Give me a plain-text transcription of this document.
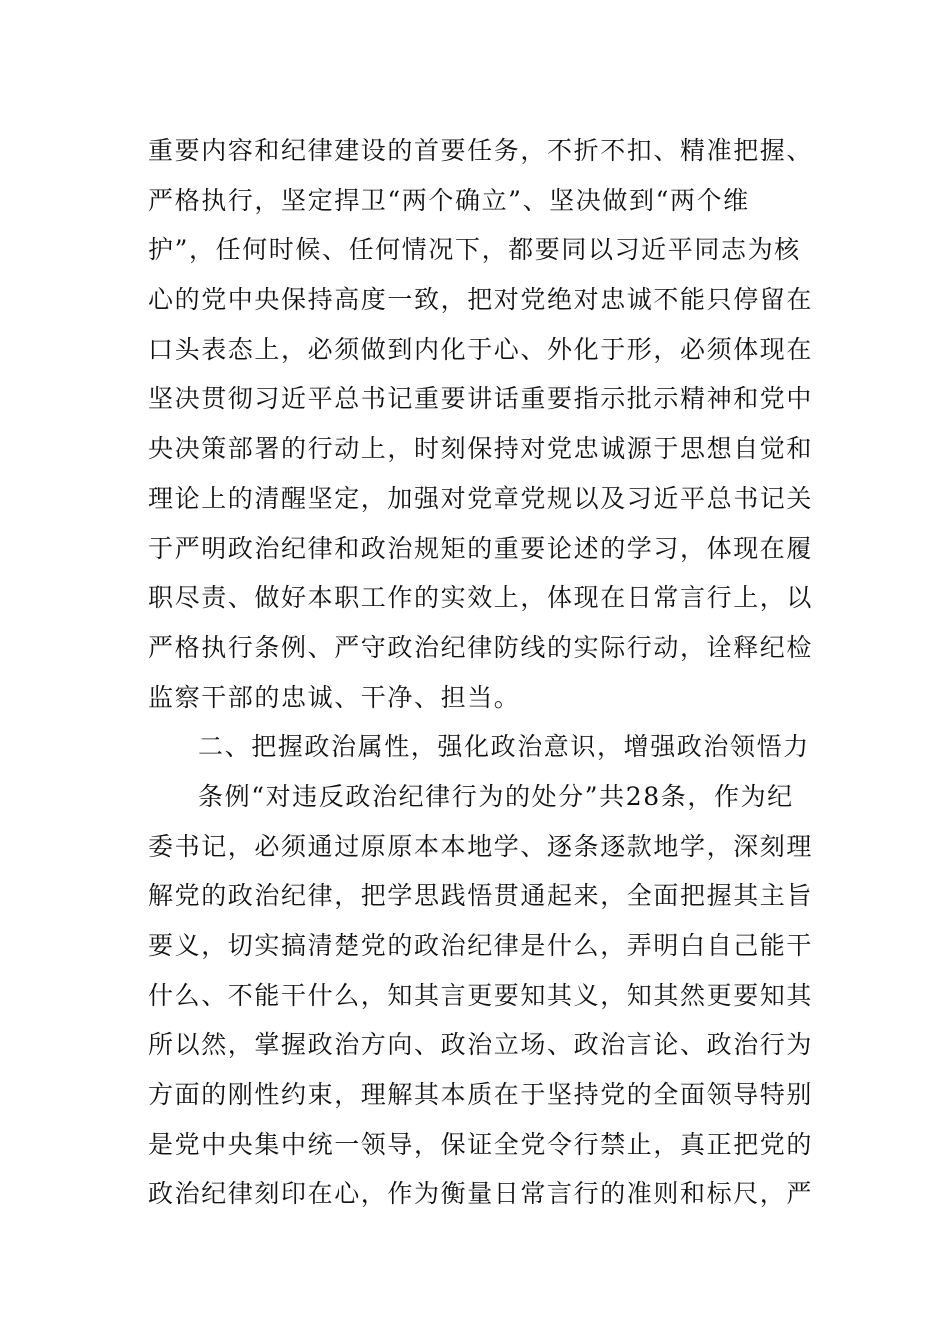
重要内容和纪律建设的首要任务，不折不扣、精准把握、
严格执行，坚定捍卫“两个确立”、坚决做到“两个维
护”，任何时候、任何情况下，都要同以习近平同志为核
心的党中央保持高度一致，把对党绝对忠诚不能只停留在
口头表态上，必须做到内化于心、外化于形，必须体现在
坚决贯彻习近平总书记重要讲话重要指示批示精神和党中
央决策部署的行动上，时刻保持对党忠诚源于思想自觉和
理论上的清醒坚定，加强对党章党规以及习近平总书记关
于严明政治纪律和政治规矩的重要论述的学习，体现在履
职尽责、做好本职工作的实效上，体现在日常言行上，以
严格执行条例、严守政治纪律防线的实际行动，诠释纪检
监察干部的忠诚、干净、担当。
二、把握政治属性，强化政治意识，增强政治领悟力
条例“对违反政治纪律行为的处分”共28条，作为纪
委书记，必须通过原原本本地学、逐条逐款地学，深刻理
解党的政治纪律，把学思践悟贯通起来，全面把握其主旨
要义，切实搞清楚党的政治纪律是什么，弄明白自己能干
什么、不能干什么，知其言更要知其义，知其然更要知其
所以然，掌握政治方向、政治立场、政治言论、政治行为
方面的刚性约束，理解其本质在于坚持党的全面领导特别
是党中央集中统一领导，保证全党令行禁止，真正把党的
政治纪律刻印在心，作为衡量日常言行的准则和标尺，严
